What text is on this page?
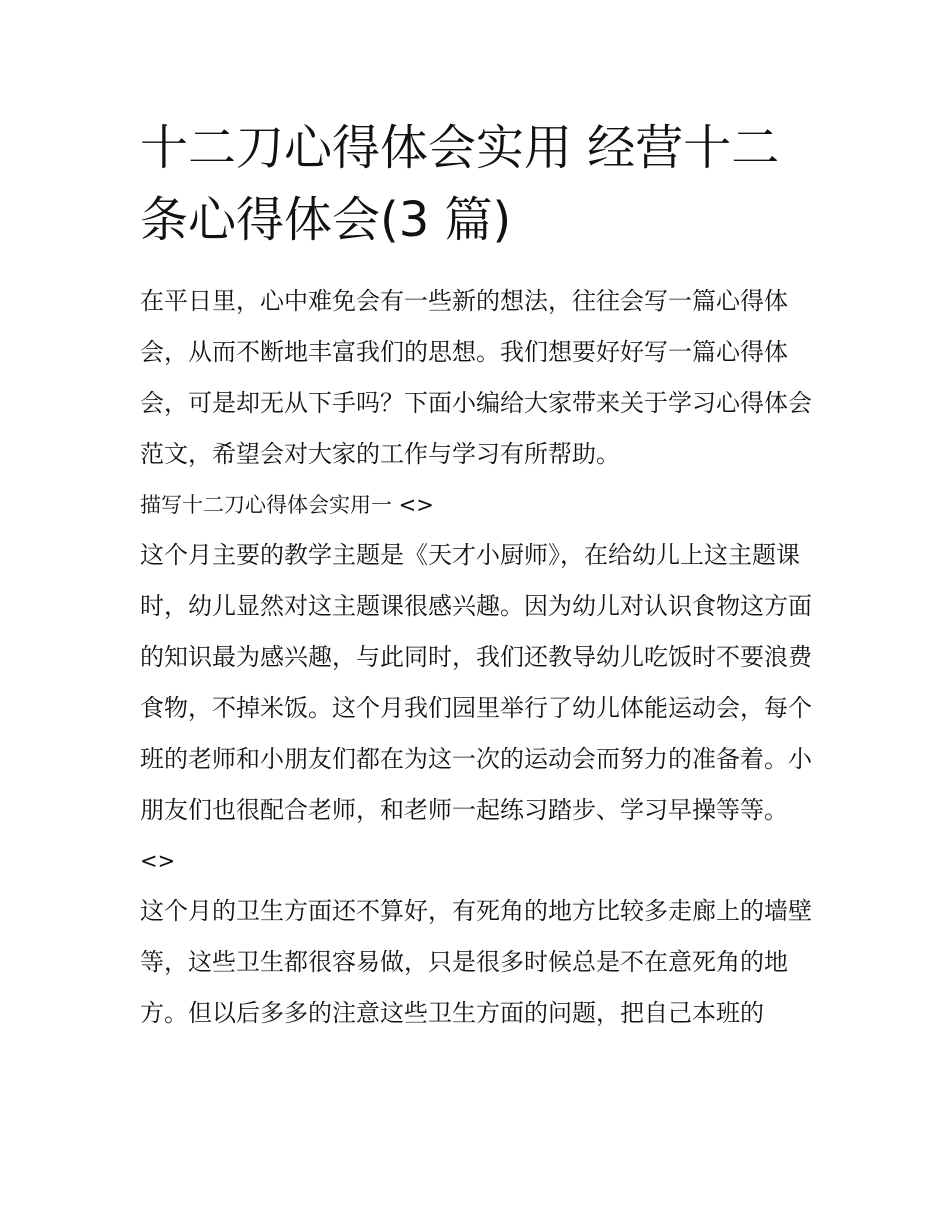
十二刀心得体会实用 经营十二条心得体会(3 篇)

在平日里，心中难免会有一些新的想法，往往会写一篇心得体会，从而不断地丰富我们的思想。我们想要好好写一篇心得体会，可是却无从下手吗？下面小编给大家带来关于学习心得体会范文，希望会对大家的工作与学习有所帮助。

描写十二刀心得体会实用一 <>

这个月主要的教学主题是《天才小厨师》，在给幼儿上这主题课时，幼儿显然对这主题课很感兴趣。因为幼儿对认识食物这方面的知识最为感兴趣，与此同时，我们还教导幼儿吃饭时不要浪费食物，不掉米饭。这个月我们园里举行了幼儿体能运动会，每个班的老师和小朋友们都在为这一次的运动会而努力的准备着。小朋友们也很配合老师，和老师一起练习踏步、学习早操等等。

<>

这个月的卫生方面还不算好，有死角的地方比较多走廊上的墙壁等，这些卫生都很容易做，只是很多时候总是不在意死角的地方。但以后多多的注意这些卫生方面的问题，把自己本班的
